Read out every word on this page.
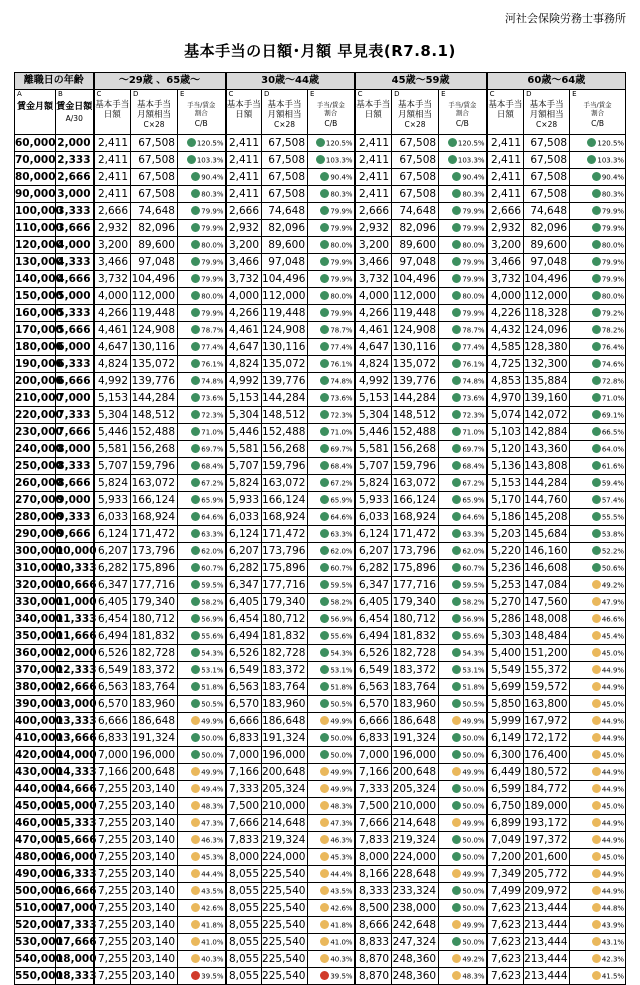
河社会保険労務士事務所
基本手当の日額･月額 早見表(R7.8.1)
離職日の年齢		～29歳 、65歳～			30歳～44歳			45歳～59歳			60歳～64歳		

A
賃金月額	B
賃金日額
A/30	C
基本手当
日額	D
基本手当
月額相当
C×28	E
手当/賃金
割合
C/B	C
基本手当
日額	D
基本手当
月額相当
C×28	E
手当/賃金
割合
C/B	C
基本手当
日額	D
基本手当
月額相当
C×28	E
手当/賃金
割合
C/B	C
基本手当
日額	D
基本手当
月額相当
C×28	E
手当/賃金
割合
C/B

60,000	2,000	2,411	67,508	120.5%	2,411	67,508	120.5%	2,411	67,508	120.5%	2,411	67,508	120.5%
70,000	2,333	2,411	67,508	103.3%	2,411	67,508	103.3%	2,411	67,508	103.3%	2,411	67,508	103.3%
80,000	2,666	2,411	67,508	90.4%	2,411	67,508	90.4%	2,411	67,508	90.4%	2,411	67,508	90.4%
90,000	3,000	2,411	67,508	80.3%	2,411	67,508	80.3%	2,411	67,508	80.3%	2,411	67,508	80.3%
100,000	3,333	2,666	74,648	79.9%	2,666	74,648	79.9%	2,666	74,648	79.9%	2,666	74,648	79.9%
110,000	3,666	2,932	82,096	79.9%	2,932	82,096	79.9%	2,932	82,096	79.9%	2,932	82,096	79.9%
120,000	4,000	3,200	89,600	80.0%	3,200	89,600	80.0%	3,200	89,600	80.0%	3,200	89,600	80.0%
130,000	4,333	3,466	97,048	79.9%	3,466	97,048	79.9%	3,466	97,048	79.9%	3,466	97,048	79.9%
140,000	4,666	3,732	104,496	79.9%	3,732	104,496	79.9%	3,732	104,496	79.9%	3,732	104,496	79.9%
150,000	5,000	4,000	112,000	80.0%	4,000	112,000	80.0%	4,000	112,000	80.0%	4,000	112,000	80.0%
160,000	5,333	4,266	119,448	79.9%	4,266	119,448	79.9%	4,266	119,448	79.9%	4,226	118,328	79.2%
170,000	5,666	4,461	124,908	78.7%	4,461	124,908	78.7%	4,461	124,908	78.7%	4,432	124,096	78.2%
180,000	6,000	4,647	130,116	77.4%	4,647	130,116	77.4%	4,647	130,116	77.4%	4,585	128,380	76.4%
190,000	6,333	4,824	135,072	76.1%	4,824	135,072	76.1%	4,824	135,072	76.1%	4,725	132,300	74.6%
200,000	6,666	4,992	139,776	74.8%	4,992	139,776	74.8%	4,992	139,776	74.8%	4,853	135,884	72.8%
210,000	7,000	5,153	144,284	73.6%	5,153	144,284	73.6%	5,153	144,284	73.6%	4,970	139,160	71.0%
220,000	7,333	5,304	148,512	72.3%	5,304	148,512	72.3%	5,304	148,512	72.3%	5,074	142,072	69.1%
230,000	7,666	5,446	152,488	71.0%	5,446	152,488	71.0%	5,446	152,488	71.0%	5,103	142,884	66.5%
240,000	8,000	5,581	156,268	69.7%	5,581	156,268	69.7%	5,581	156,268	69.7%	5,120	143,360	64.0%
250,000	8,333	5,707	159,796	68.4%	5,707	159,796	68.4%	5,707	159,796	68.4%	5,136	143,808	61.6%
260,000	8,666	5,824	163,072	67.2%	5,824	163,072	67.2%	5,824	163,072	67.2%	5,153	144,284	59.4%
270,000	9,000	5,933	166,124	65.9%	5,933	166,124	65.9%	5,933	166,124	65.9%	5,170	144,760	57.4%
280,000	9,333	6,033	168,924	64.6%	6,033	168,924	64.6%	6,033	168,924	64.6%	5,186	145,208	55.5%
290,000	9,666	6,124	171,472	63.3%	6,124	171,472	63.3%	6,124	171,472	63.3%	5,203	145,684	53.8%
300,000	10,000	6,207	173,796	62.0%	6,207	173,796	62.0%	6,207	173,796	62.0%	5,220	146,160	52.2%
310,000	10,333	6,282	175,896	60.7%	6,282	175,896	60.7%	6,282	175,896	60.7%	5,236	146,608	50.6%
320,000	10,666	6,347	177,716	59.5%	6,347	177,716	59.5%	6,347	177,716	59.5%	5,253	147,084	49.2%
330,000	11,000	6,405	179,340	58.2%	6,405	179,340	58.2%	6,405	179,340	58.2%	5,270	147,560	47.9%
340,000	11,333	6,454	180,712	56.9%	6,454	180,712	56.9%	6,454	180,712	56.9%	5,286	148,008	46.6%
350,000	11,666	6,494	181,832	55.6%	6,494	181,832	55.6%	6,494	181,832	55.6%	5,303	148,484	45.4%
360,000	12,000	6,526	182,728	54.3%	6,526	182,728	54.3%	6,526	182,728	54.3%	5,400	151,200	45.0%
370,000	12,333	6,549	183,372	53.1%	6,549	183,372	53.1%	6,549	183,372	53.1%	5,549	155,372	44.9%
380,000	12,666	6,563	183,764	51.8%	6,563	183,764	51.8%	6,563	183,764	51.8%	5,699	159,572	44.9%
390,000	13,000	6,570	183,960	50.5%	6,570	183,960	50.5%	6,570	183,960	50.5%	5,850	163,800	45.0%
400,000	13,333	6,666	186,648	49.9%	6,666	186,648	49.9%	6,666	186,648	49.9%	5,999	167,972	44.9%
410,000	13,666	6,833	191,324	50.0%	6,833	191,324	50.0%	6,833	191,324	50.0%	6,149	172,172	44.9%
420,000	14,000	7,000	196,000	50.0%	7,000	196,000	50.0%	7,000	196,000	50.0%	6,300	176,400	45.0%
430,000	14,333	7,166	200,648	49.9%	7,166	200,648	49.9%	7,166	200,648	49.9%	6,449	180,572	44.9%
440,000	14,666	7,255	203,140	49.4%	7,333	205,324	49.9%	7,333	205,324	50.0%	6,599	184,772	44.9%
450,000	15,000	7,255	203,140	48.3%	7,500	210,000	48.3%	7,500	210,000	50.0%	6,750	189,000	45.0%
460,000	15,333	7,255	203,140	47.3%	7,666	214,648	47.3%	7,666	214,648	49.9%	6,899	193,172	44.9%
470,000	15,666	7,255	203,140	46.3%	7,833	219,324	46.3%	7,833	219,324	50.0%	7,049	197,372	44.9%
480,000	16,000	7,255	203,140	45.3%	8,000	224,000	45.3%	8,000	224,000	50.0%	7,200	201,600	45.0%
490,000	16,333	7,255	203,140	44.4%	8,055	225,540	44.4%	8,166	228,648	49.9%	7,349	205,772	44.9%
500,000	16,666	7,255	203,140	43.5%	8,055	225,540	43.5%	8,333	233,324	50.0%	7,499	209,972	44.9%
510,000	17,000	7,255	203,140	42.6%	8,055	225,540	42.6%	8,500	238,000	50.0%	7,623	213,444	44.8%
520,000	17,333	7,255	203,140	41.8%	8,055	225,540	41.8%	8,666	242,648	49.9%	7,623	213,444	43.9%
530,000	17,666	7,255	203,140	41.0%	8,055	225,540	41.0%	8,833	247,324	50.0%	7,623	213,444	43.1%
540,000	18,000	7,255	203,140	40.3%	8,055	225,540	40.3%	8,870	248,360	49.2%	7,623	213,444	42.3%
550,000	18,333	7,255	203,140	39.5%	8,055	225,540	39.5%	8,870	248,360	48.3%	7,623	213,444	41.5%
